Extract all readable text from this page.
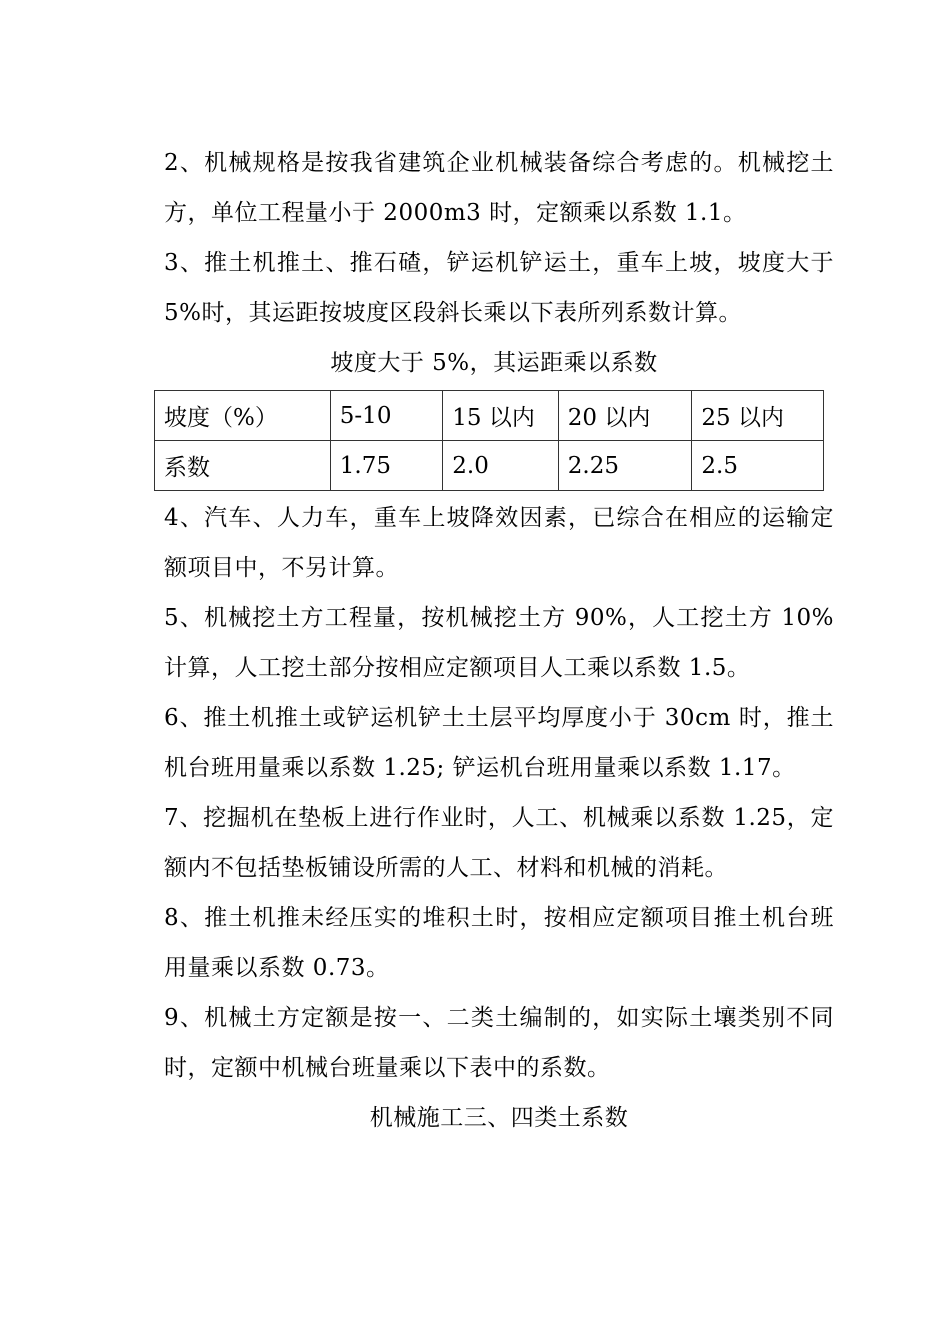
2、机械规格是按我省建筑企业机械装备综合考虑的。机械挖土方，单位工程量小于 2000m3 时，定额乘以系数 1.1。

3、推土机推土、推石碴，铲运机铲运土，重车上坡，坡度大于 5%时，其运距按坡度区段斜长乘以下表所列系数计算。

坡度大于 5%，其运距乘以系数

坡度（%）	5-10	15 以内	20 以内	25 以内
系数	1.75	2.0	2.25	2.5

4、汽车、人力车，重车上坡降效因素，已综合在相应的运输定额项目中，不另计算。

5、机械挖土方工程量，按机械挖土方 90%，人工挖土方 10%计算，人工挖土部分按相应定额项目人工乘以系数 1.5。

6、推土机推土或铲运机铲土土层平均厚度小于 30cm 时，推土机台班用量乘以系数 1.25; 铲运机台班用量乘以系数 1.17。

7、挖掘机在垫板上进行作业时，人工、机械乘以系数 1.25，定额内不包括垫板铺设所需的人工、材料和机械的消耗。

8、推土机推未经压实的堆积土时，按相应定额项目推土机台班用量乘以系数 0.73。

9、机械土方定额是按一、二类土编制的，如实际土壤类别不同时，定额中机械台班量乘以下表中的系数。

机械施工三、四类土系数
